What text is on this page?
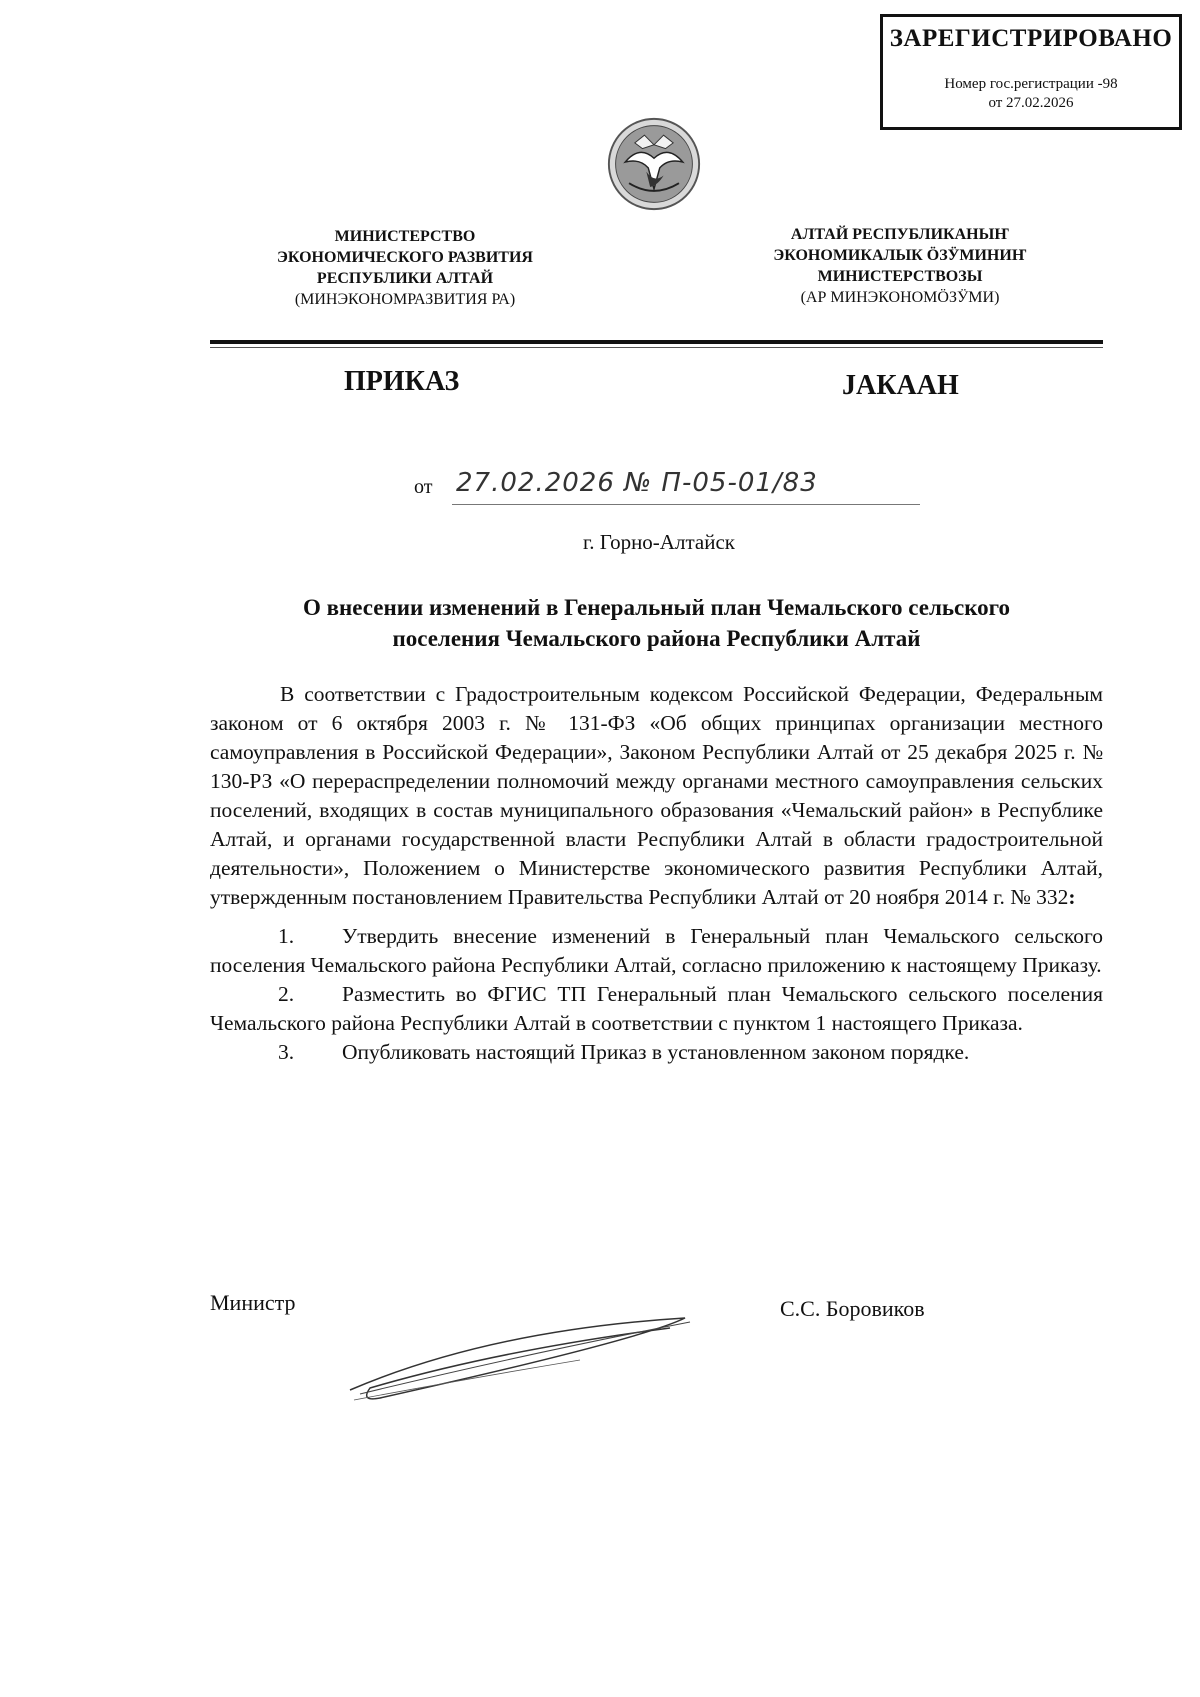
ЗАРЕГИСТРИРОВАНО
Номер гос.регистрации -98
от 27.02.2026
МИНИСТЕРСТВО
ЭКОНОМИЧЕСКОГО РАЗВИТИЯ
РЕСПУБЛИКИ АЛТАЙ
(МИНЭКОНОМРАЗВИТИЯ РА)
АЛТАЙ РЕСПУБЛИКАНЫҤ
ЭКОНОМИКАЛЫК ӦЗӰМИНИҤ
МИНИСТЕРСТВОЗЫ
(АР МИНЭКОНОМӦЗӰМИ)
ПРИКАЗ	JАКААН
от 27.02.2026 № П-05-01/83
г. Горно-Алтайск
О внесении изменений в Генеральный план Чемальского сельского
поселения Чемальского района Республики Алтай

В соответствии с Градостроительным кодексом Российской Федерации, Федеральным законом от 6 октября 2003 г. № 131-ФЗ «Об общих принципах организации местного самоуправления в Российской Федерации», Законом Республики Алтай от 25 декабря 2025 г. № 130-РЗ «О перераспределении полномочий между органами местного самоуправления сельских поселений, входящих в состав муниципального образования «Чемальский район» в Республике Алтай, и органами государственной власти Республики Алтай в области градостроительной деятельности», Положением о Министерстве экономического развития Республики Алтай, утвержденным постановлением Правительства Республики Алтай от 20 ноября 2014 г. № 332:

1. Утвердить внесение изменений в Генеральный план Чемальского сельского поселения Чемальского района Республики Алтай, согласно приложению к настоящему Приказу.

2. Разместить во ФГИС ТП Генеральный план Чемальского сельского поселения Чемальского района Республики Алтай в соответствии с пунктом 1 настоящего Приказа.

3. Опубликовать настоящий Приказ в установленном законом порядке.

Министр	С.С. Боровиков
